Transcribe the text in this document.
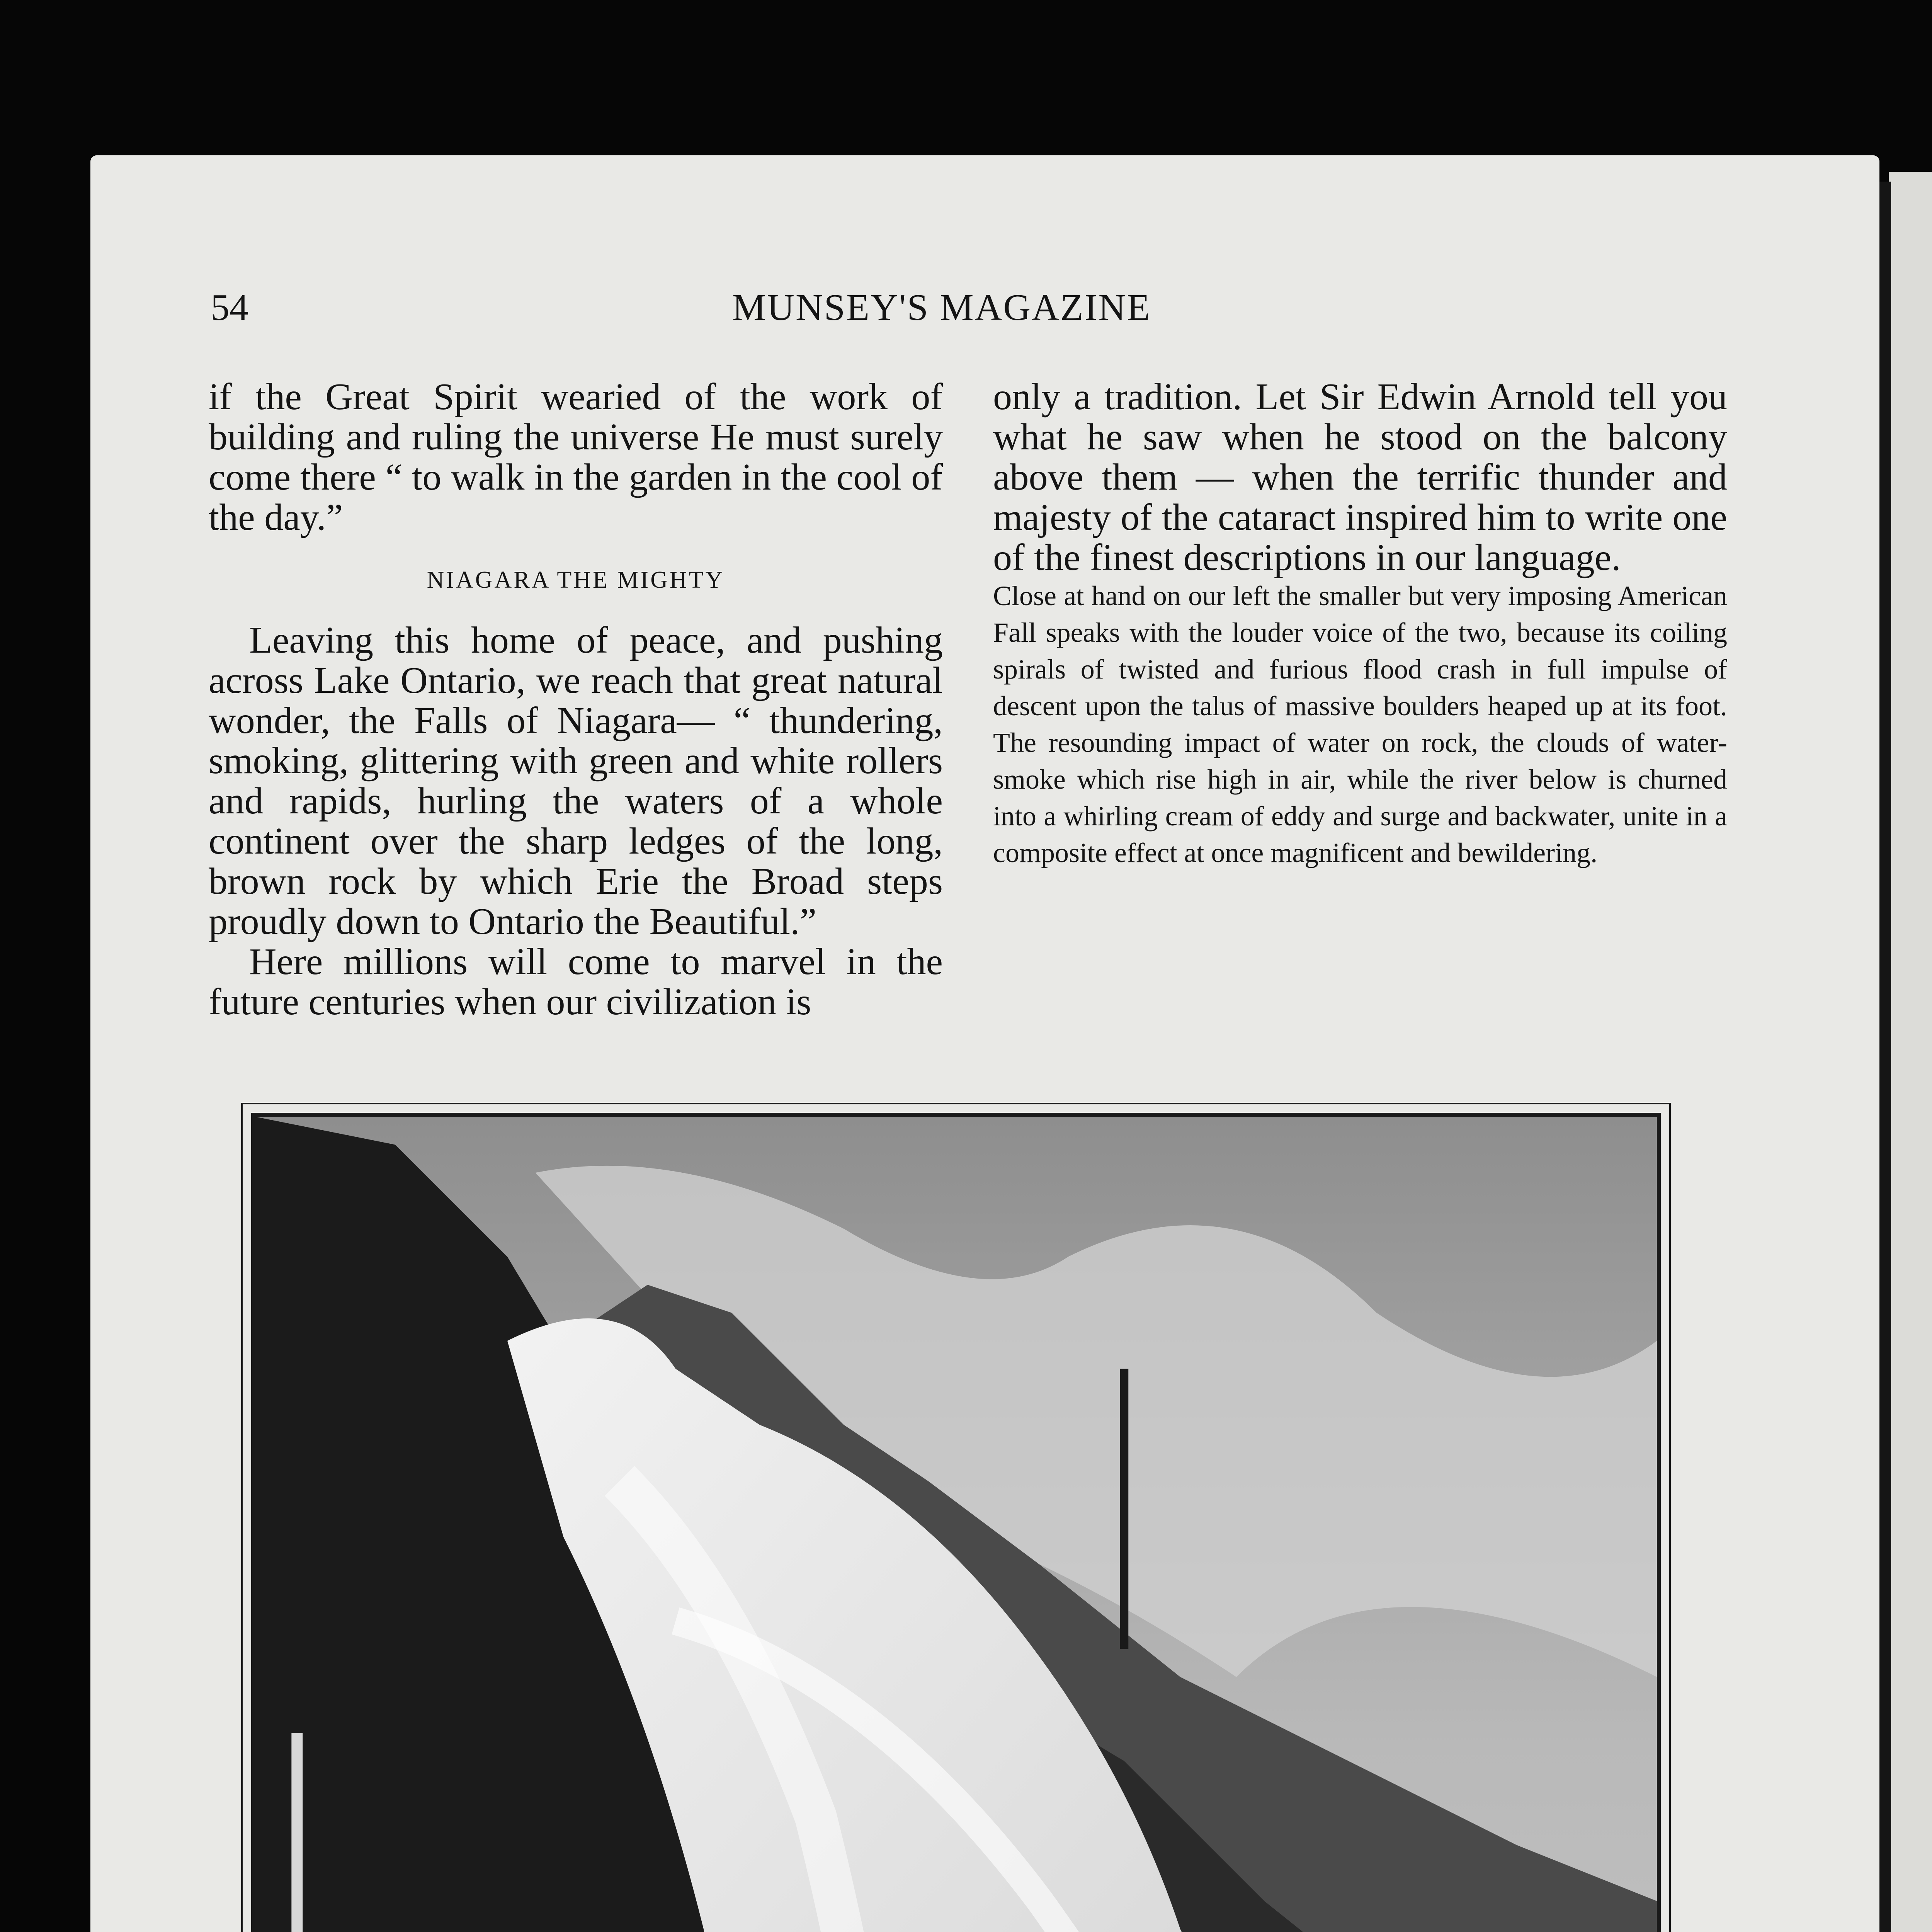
54	MUNSEY'S MAGAZINE

if the Great Spirit wearied of the work of building and ruling the universe He must surely come there “ to walk in the garden in the cool of the day.”

NIAGARA THE MIGHTY

Leaving this home of peace, and pushing across Lake Ontario, we reach that great natural wonder, the Falls of Niagara— “ thundering, smoking, glittering with green and white rollers and rapids, hurling the waters of a whole continent over the sharp ledges of the long, brown rock by which Erie the Broad steps proudly down to Ontario the Beautiful.”

Here millions will come to marvel in the future centuries when our civilization is

only a tradition. Let Sir Edwin Arnold tell you what he saw when he stood on the balcony above them — when the terrific thunder and majesty of the cataract inspired him to write one of the finest descriptions in our language.

Close at hand on our left the smaller but very imposing American Fall speaks with the louder voice of the two, because its coiling spirals of twisted and furious flood crash in full impulse of descent upon the talus of massive boulders heaped up at its foot. The resounding impact of water on rock, the clouds of water-smoke which rise high in air, while the river below is churned into a whirling cream of eddy and surge and backwater, unite in a composite effect at once magnificent and bewildering.
